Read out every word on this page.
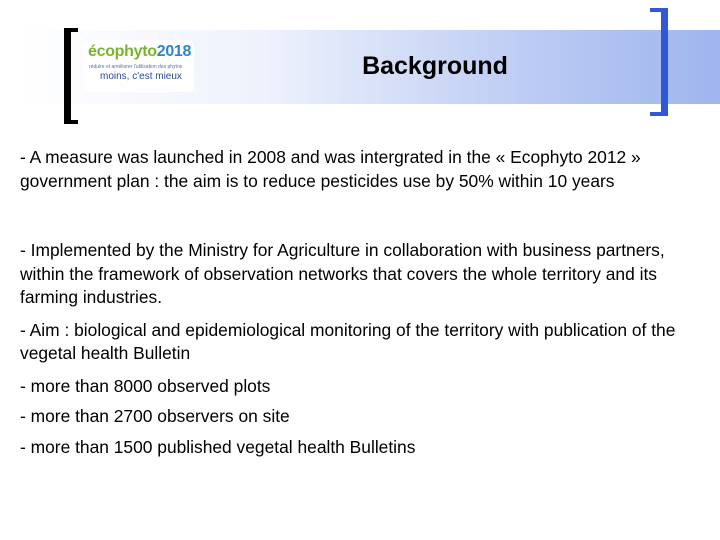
écophyto2018
réduire et améliorer l'utilisation des phytos
moins, c'est mieux	Background

- A measure was launched in 2008 and was intergrated in the « Ecophyto 2012 » government plan : the aim is to reduce pesticides use by 50% within 10 years

- Implemented by the Ministry for Agriculture in collaboration with business partners, within the framework of observation networks that covers the whole territory and its farming industries.

- Aim : biological and epidemiological monitoring of the territory with publication of the vegetal health Bulletin

- more than 8000 observed plots

- more than 2700 observers on site

- more than 1500 published vegetal health Bulletins
